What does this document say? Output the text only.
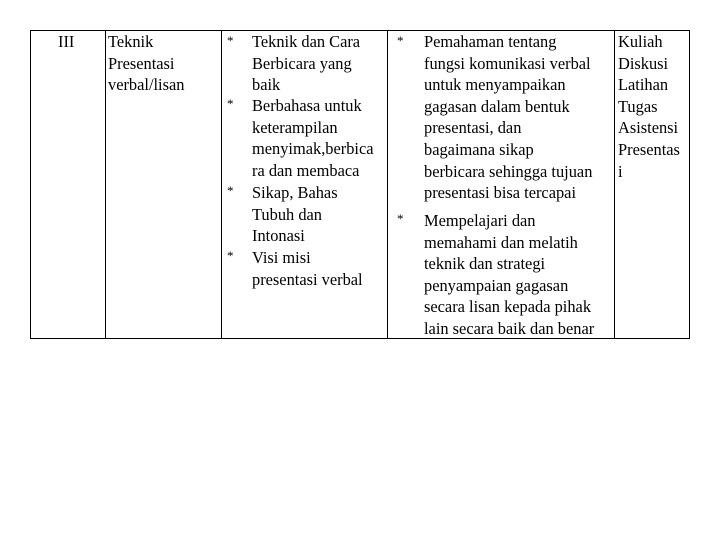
III Teknik
Presentasi
verbal/lisan
* Teknik dan Cara
Berbicara yang
baik
* Berbahasa untuk
keterampilan
menyimak,berbica
ra dan membaca
* Sikap, Bahas
Tubuh dan
Intonasi
* Visi misi
presentasi verbal
* Pemahaman tentang
fungsi komunikasi verbal
untuk menyampaikan
gagasan dalam bentuk
presentasi, dan
bagaimana sikap
berbicara sehingga tujuan
presentasi bisa tercapai
* Mempelajari dan
memahami dan melatih
teknik dan strategi
penyampaian gagasan
secara lisan kepada pihak
lain secara baik dan benar
Kuliah
Diskusi
Latihan
Tugas
Asistensi
Presentas
i
